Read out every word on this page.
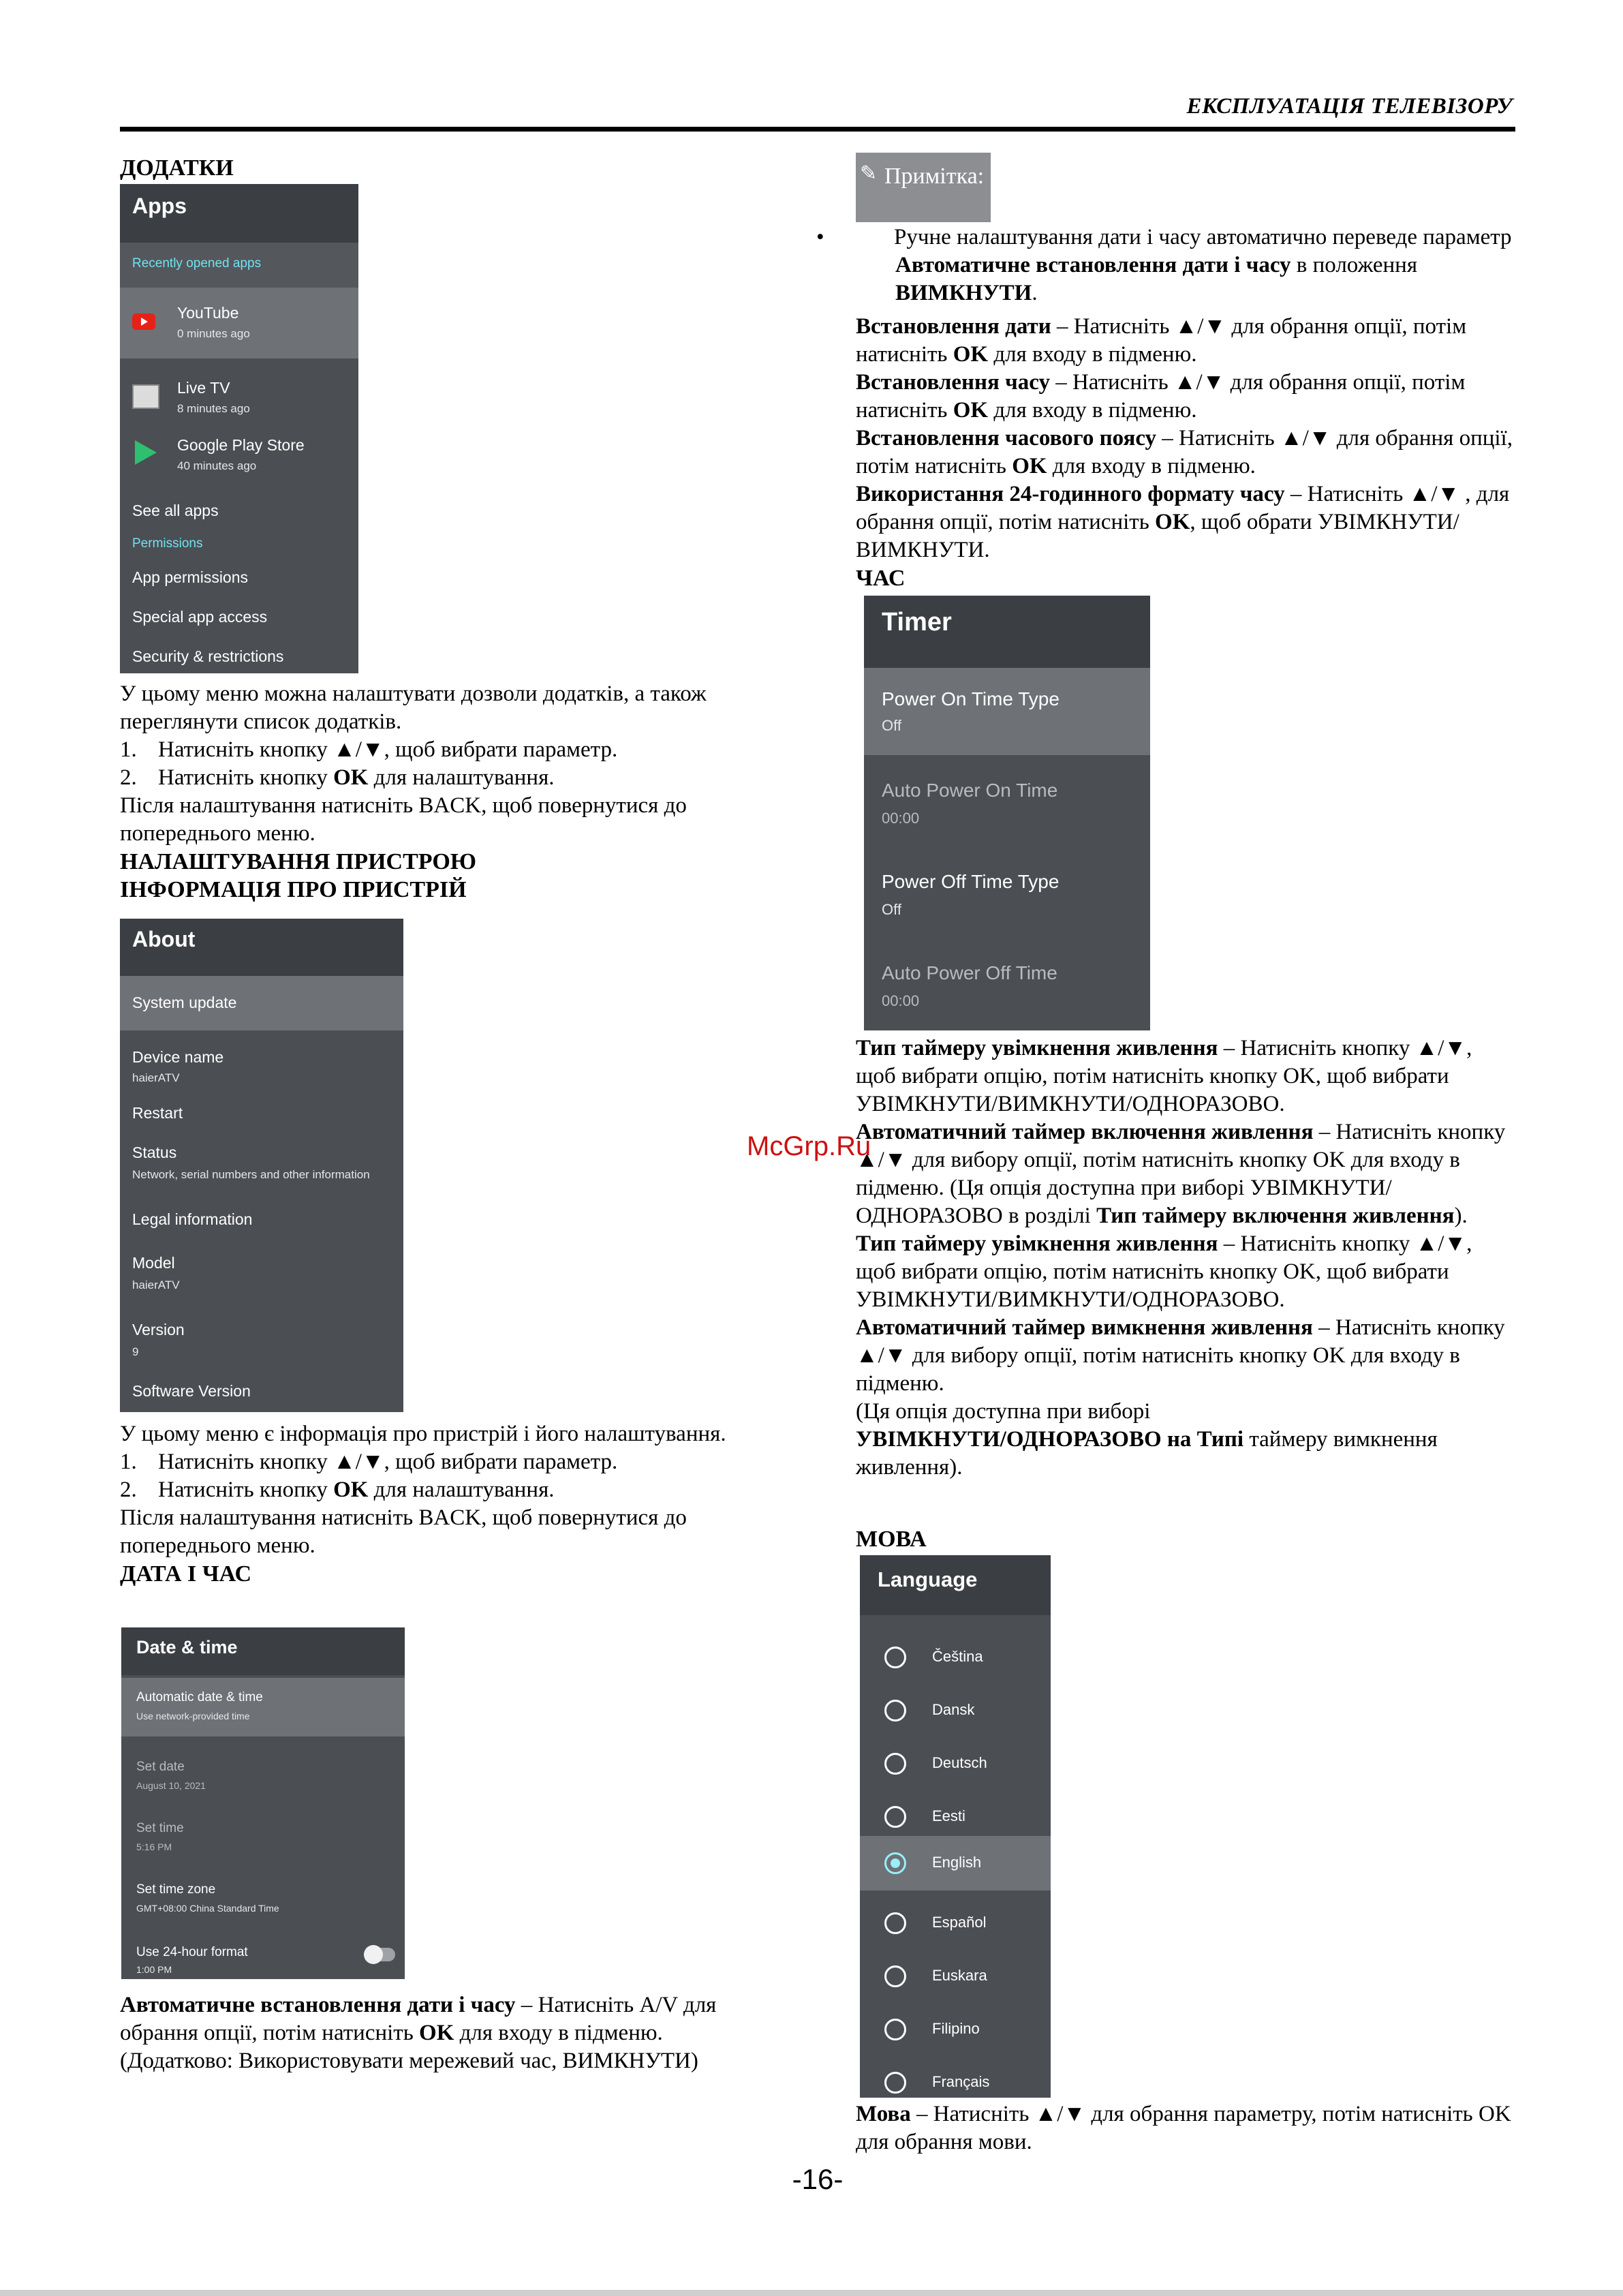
ЕКСПЛУАТАЦІЯ ТЕЛЕВІЗОРУ
ДОДАТКИ
Apps
Recently opened apps
YouTube
0 minutes ago
Live TV
8 minutes ago
Google Play Store
40 minutes ago
See all apps
Permissions
App permissions
Special app access
Security & restrictions

У цьому меню можна налаштувати дозволи додатків, а також переглянути список додатків.

1. Натисніть кнопку ▲/▼, щоб вибрати параметр.

2. Натисніть кнопку OK для налаштування.

Після налаштування натисніть BACK, щоб повернутися до попереднього меню.

НАЛАШТУВАННЯ ПРИСТРОЮ

ІНФОРМАЦІЯ ПРО ПРИСТРІЙ

About
System update
Device name
haierATV
Restart
Status
Network, serial numbers and other information
Legal information
Model
haierATV
Version
9
Software Version

У цьому меню є інформація про пристрій і його налаштування.

1. Натисніть кнопку ▲/▼, щоб вибрати параметр.

2. Натисніть кнопку OK для налаштування.

Після налаштування натисніть BACK, щоб повернутися до попереднього меню.

ДАТА І ЧАС

Date & time
Automatic date & time
Use network-provided time
Set date
August 10, 2021
Set time
5:16 PM
Set time zone
GMT+08:00 China Standard Time
Use 24-hour format
1:00 PM

Автоматичне встановлення дати і часу – Натисніть A/V для обрання опції, потім натисніть OK для входу в підменю.

(Додатково: Використовувати мережевий час, ВИМКНУТИ)

✎ Примітка:

•	Ручне налаштування дати і часу автоматично переведе параметр Автоматичне встановлення дати і часу в положення ВИМКНУТИ.

Встановлення дати – Натисніть ▲/▼ для обрання опції, потім натисніть OK для входу в підменю.

Встановлення часу – Натисніть ▲/▼ для обрання опції, потім натисніть OK для входу в підменю.

Встановлення часового поясу – Натисніть ▲/▼ для обрання опції, потім натисніть OK для входу в підменю.

Використання 24-годинного формату часу – Натисніть ▲/▼ , для обрання опції, потім натисніть OK, щоб обрати УВІМКНУТИ/ВИМКНУТИ.

ЧАС

Timer
Power On Time Type
Off
Auto Power On Time
00:00
Power Off Time Type
Off
Auto Power Off Time
00:00

Тип таймеру увімкнення живлення – Натисніть кнопку ▲/▼, щоб вибрати опцію, потім натисніть кнопку OK, щоб вибрати УВІМКНУТИ/ВИМКНУТИ/ОДНОРАЗОВО.

Автоматичний таймер включення живлення – Натисніть кнопку ▲/▼ для вибору опції, потім натисніть кнопку OK для входу в підменю. (Ця опція доступна при виборі УВІМКНУТИ/ОДНОРАЗОВО в розділі Тип таймеру включення живлення).

Тип таймеру увімкнення живлення – Натисніть кнопку ▲/▼, щоб вибрати опцію, потім натисніть кнопку OK, щоб вибрати УВІМКНУТИ/ВИМКНУТИ/ОДНОРАЗОВО.

Автоматичний таймер вимкнення живлення – Натисніть кнопку ▲/▼ для вибору опції, потім натисніть кнопку OK для входу в підменю.

(Ця опція доступна при виборі

УВІМКНУТИ/ОДНОРАЗОВО на Типі таймеру вимкнення живлення).

МОВА
Language
Čeština
Dansk
Deutsch
Eesti
English
Español
Euskara
Filipino
Français

Мова – Натисніть ▲/▼ для обрання параметру, потім натисніть OK для обрання мови.

McGrp.Ru
-16-
